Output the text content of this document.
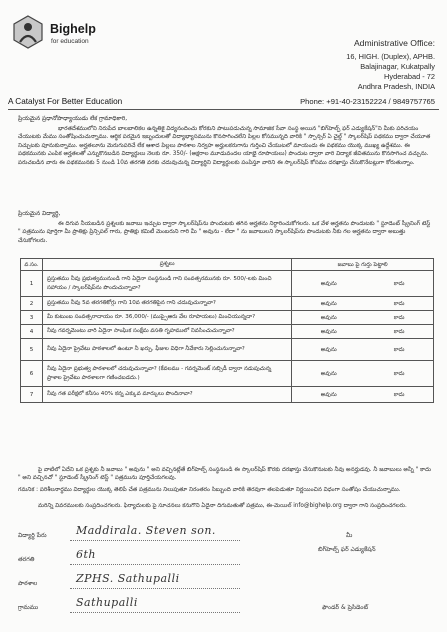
Bighelp
for education
A Catalyst For Better Education
Administrative Office:
16, HIGH. (Duplex), APHB.
Balajinagar, Kukatpally
Hyderabad - 72
Andhra Pradesh, INDIA
Phone: +91-40-23152224 / 9849757765
ప్రియమైన ప్రధానోపాధ్యాయుడు లేక గ్రామాధికారి,
భారతదేశములోని నిరుపేద బాలబాలికల ఉన్నతికై విద్యనందించు కోరకుని పాటుపడుచున్న సామాజిక సేవా సంస్థ అయిన "బిగ్‌హెల్ప్ ఫర్ ఎడ్యుకేషన్"ని మీకు పరిచయం చేయుటకు మేము సంతోషించుచున్నాము. ఆర్థిక పరమైన ఇబ్బందులతో విద్యాభ్యాసమును కొనసాగించలేని పిల్లల కోసమున్నది వారికి " స్పాన్సర్ ఏ చైల్డ్ " స్కాలర్‌షిప్ పథకము ద్వారా చేయూత నిచ్చుటకు పూనుకున్నాము. అర్హతలూను మెరుగుపరిచే లేక ఆశాద పిల్లలు పాఠశాల నిర్వహ అర్హులకరుగాను గుర్తించి చేయుటలో మాయందు ఈ పథకము యొక్క ముఖ్య ఉద్దేశము. ఈ పథకమునకు ఎంపిక అర్హతలతో ఎన్నుకొనబడిన విద్యార్థులు నెలకు రూ. 350/- (అక్షరాల మూడువందల యాభై రూపాయలు) పొందుట ద్వారా వారి విద్యాక జీవితమును కొనసాగించ వచ్చును. పరుచబడిన వారు ఈ పథకమునకు 5 నుండి 10వ తరగతి వరకు చదువుచున్న విద్యార్థిని విద్యార్థులకు పంపిస్తూ వారిని ఈ స్కాలర్‌షిప్ కోసము దరఖాస్తు చేసుకొనేటట్లుగా కోరుతున్నాం.
ప్రియమైన విద్యార్థి,
ఈ దిగువ నీయబడిన ప్రశ్నలకు జవాబు ఇచ్చుట ద్వారా స్కాలర్‌షిప్‌ను పొందుటకు తగిన అర్హతను నిర్ధారించుకోగలరు. ఒక వేళ అర్హతను పొందుటకు " స్టూడెంట్ స్క్రీనింగ్ టెస్ట్ " పత్రమును పూర్తిగా మీ ప్రాతిక్షు ప్రిన్సిపల్ గారు, ప్రాతిక్షు కమిటీ మెంబరుని గారి మీ " అవును - లేదా " ను జవాబులని స్కాలర్‌షిప్‌ను పొందుటకు నీకు గల అర్హతను ద్వారా అబుత్తు చేసుకోగలరు.
వ.సం.	ప్రశ్నలు	జవాబు పై గుర్తు పెట్టాలి
1	ప్రస్తుతము నీవు ప్రభుత్వమునుండి గాని ఏదైనా సంస్థనుండి గాని సంవత్సరమునకు రూ. 500/-లకు మించి సహాయం / స్కాలర్‌షిప్‌ను పొందుచున్నావా?	అవును కాదు

2	ప్రస్తుతము నీవు 5వ తరగతికోగ్గు గాని 10వ తరగతిపైన గాని చదువుచున్నావా?	అవును కాదు

3	మీ కుటుంబ సంవత్సరాదాయం రూ. 36,000/- (ముప్పైఆరు వేల రూపాయలు) మించియున్నదా?	అవును కాదు

4	నీవు గవర్నమెంటు వారి ఏదైనా సాంఘిక సంక్షేమ వసతి గృహములో నివసించుచున్నావా?	అవును కాదు

5	నీవు ఏదైనా ప్రైవేటు పాఠశాలలో ఉంటూ నీ ఖర్చు, ఫీజుల విధిగా నీవేకారు సెల్లించునున్నావా?	అవును కాదు

6	నీవు ఏదైనా ప్రభుత్వ పాఠశాలలో చదువుచున్నావా? (కేవలము - గవర్నమెంట్ సబ్సిడీ ద్వారా నడుపుచున్న ప్రాశాల ప్రైవేటు పాఠశాలగా గణించబడదు.)	అవును కాదు

7	నీవు గత పరీక్షలో కనీసం 40% కన్న ఎక్కువ మార్కులు పొందినావా?	అవును కాదు
పై వాటిలో ఏదేని ఒక ప్రశ్నకు నీ జవాబు " అవును " అని వచ్చినట్లేతే బిగ్‌హెల్ప్ సంస్థనుండి ఈ స్కాలర్‌షిప్ కొరకు దరఖాస్తు చేసుకొనుటకు నీవు అనర్హుడవు. నీ జవాబులు అన్నీ " కాదు " అని వచ్చినచో " స్టూడెంట్ స్క్రీనింగ్ టెస్ట్ " పత్రమును పూర్తిచేయగలవు.
గమనిక : పరిశీలనార్థము విద్యార్థుల యొక్క తెలిపే చేత పత్రమును నిలుపుతూ నిరంతరం సిబ్బుంది వారికి తెరవుగా తలపెడుతూ నిర్ణయించిన విధంగా సంతోషం చేయుచున్నాము.
మరిన్ని వివరములకు సంప్రదించగలరు. ఫిర్యాదులకు పై సూచనలు కనుగొని ఏదైనా దిగుమతుతో పత్రము, ఈ-మెయిల్ info@bighelp.org ద్వారా గాని సంప్రదించగలరు.
విద్యార్థి పేరు	Maddirala. Steven son.
తరగతి	6th
పాఠశాల	ZPHS. Sathupalli
గ్రామము	Sathupalli
మీ
బిగ్‌హెల్ప్ ఫర్ ఎడ్యుకేషన్
ఫౌండర్ & ప్రెసిడెంట్
